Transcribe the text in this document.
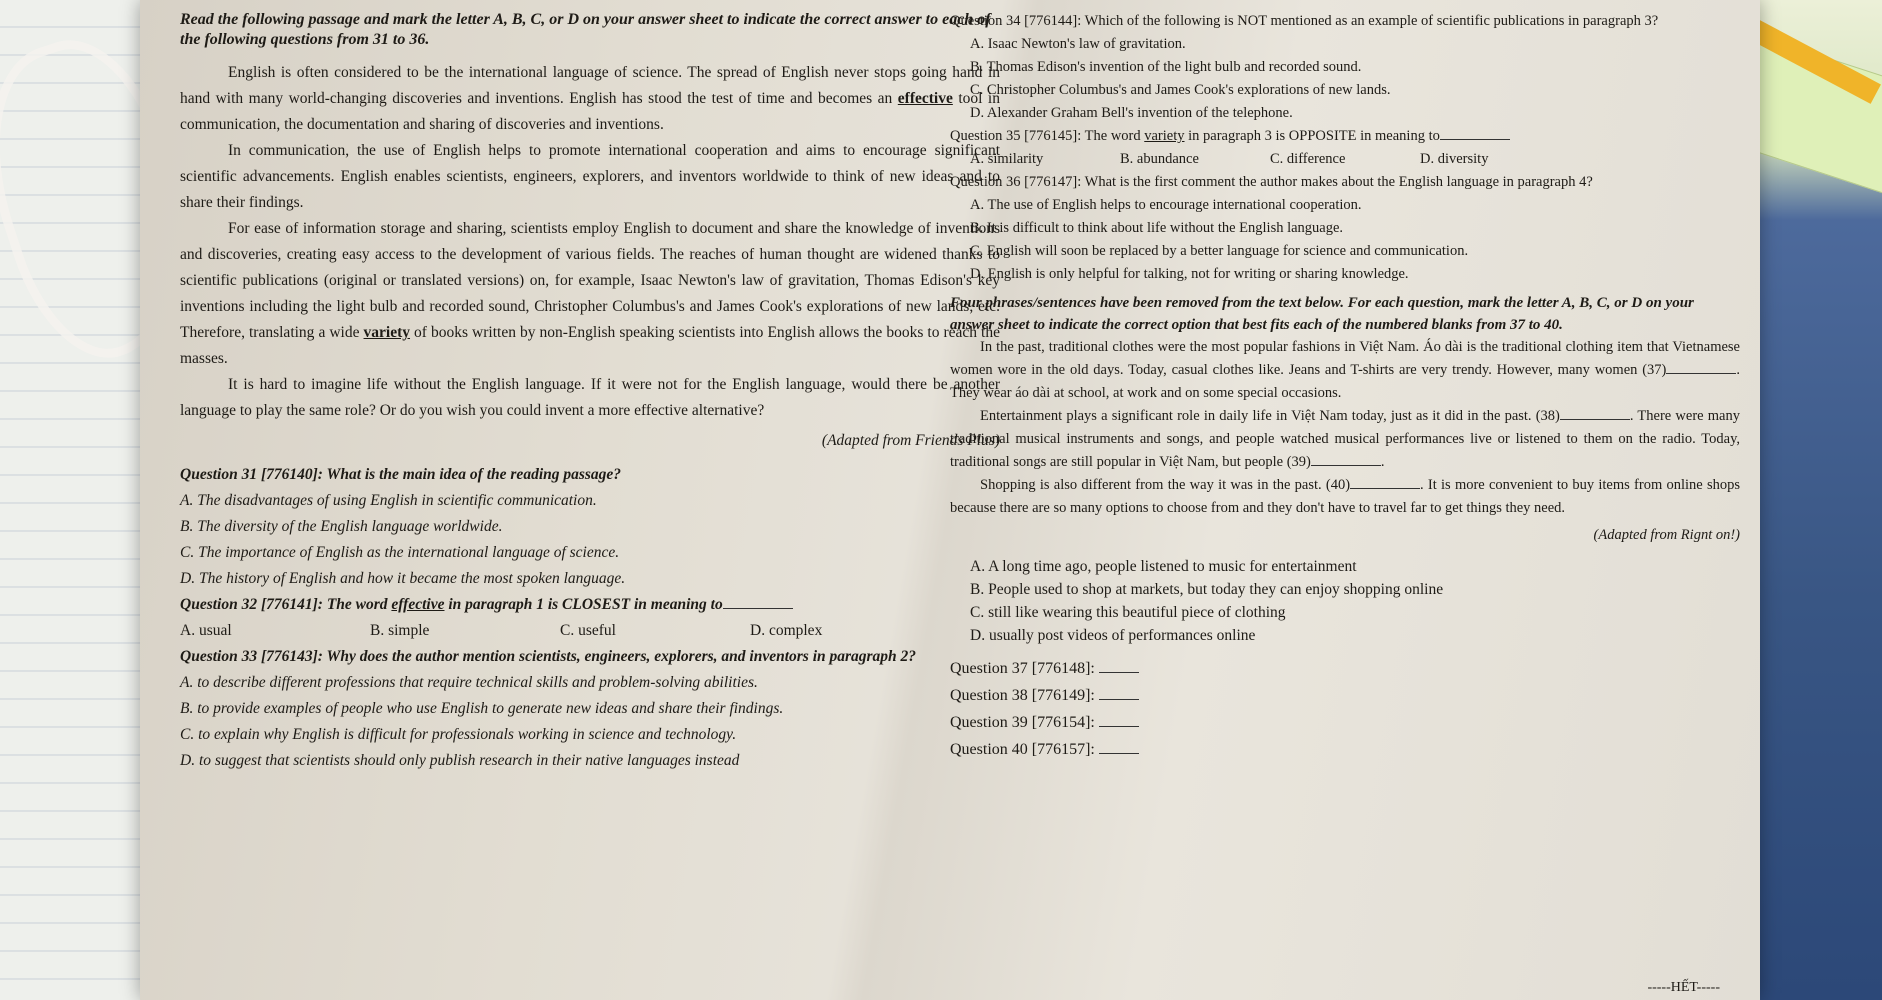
Read the following passage and mark the letter A, B, C, or D on your answer sheet to indicate the correct answer to each of the following questions from 31 to 36.

English is often considered to be the international language of science. The spread of English never stops going hand in hand with many world-changing discoveries and inventions. English has stood the test of time and becomes an effective tool in communication, the documentation and sharing of discoveries and inventions.

In communication, the use of English helps to promote international cooperation and aims to encourage significant scientific advancements. English enables scientists, engineers, explorers, and inventors worldwide to think of new ideas and to share their findings.

For ease of information storage and sharing, scientists employ English to document and share the knowledge of inventions and discoveries, creating easy access to the development of various fields. The reaches of human thought are widened thanks to scientific publications (original or translated versions) on, for example, Isaac Newton's law of gravitation, Thomas Edison's key inventions including the light bulb and recorded sound, Christopher Columbus's and James Cook's explorations of new lands, etc. Therefore, translating a wide variety of books written by non-English speaking scientists into English allows the books to reach the masses.

It is hard to imagine life without the English language. If it were not for the English language, would there be another language to play the same role? Or do you wish you could invent a more effective alternative?

(Adapted from Friends Plus)

Question 31 [776140]: What is the main idea of the reading passage?

A. The disadvantages of using English in scientific communication.

B. The diversity of the English language worldwide.

C. The importance of English as the international language of science.

D. The history of English and how it became the most spoken language.

Question 32 [776141]: The word effective in paragraph 1 is CLOSEST in meaning to

A. usual	B. simple	C. useful	D. complex

Question 33 [776143]: Why does the author mention scientists, engineers, explorers, and inventors in paragraph 2?

A. to describe different professions that require technical skills and problem-solving abilities.

B. to provide examples of people who use English to generate new ideas and share their findings.

C. to explain why English is difficult for professionals working in science and technology.

D. to suggest that scientists should only publish research in their native languages instead

Question 34 [776144]: Which of the following is NOT mentioned as an example of scientific publications in paragraph 3?

A. Isaac Newton's law of gravitation.

B. Thomas Edison's invention of the light bulb and recorded sound.

C. Christopher Columbus's and James Cook's explorations of new lands.

D. Alexander Graham Bell's invention of the telephone.

Question 35 [776145]: The word variety in paragraph 3 is OPPOSITE in meaning to

A. similarity	B. abundance	C. difference	D. diversity

Question 36 [776147]: What is the first comment the author makes about the English language in paragraph 4?

A. The use of English helps to encourage international cooperation.

B. It is difficult to think about life without the English language.

C. English will soon be replaced by a better language for science and communication.

D. English is only helpful for talking, not for writing or sharing knowledge.

Four phrases/sentences have been removed from the text below. For each question, mark the letter A, B, C, or D on your answer sheet to indicate the correct option that best fits each of the numbered blanks from 37 to 40.

In the past, traditional clothes were the most popular fashions in Việt Nam. Áo dài is the traditional clothing item that Vietnamese women wore in the old days. Today, casual clothes like. Jeans and T-shirts are very trendy. However, many women (37)	. They wear áo dài at school, at work and on some special occasions.

Entertainment plays a significant role in daily life in Việt Nam today, just as it did in the past. (38)	. There were many traditional musical instruments and songs, and people watched musical performances live or listened to them on the radio. Today, traditional songs are still popular in Việt Nam, but people (39)	.

Shopping is also different from the way it was in the past. (40)	. It is more convenient to buy items from online shops because there are so many options to choose from and they don't have to travel far to get things they need.

(Adapted from Rignt on!)

A. A long time ago, people listened to music for entertainment

B. People used to shop at markets, but today they can enjoy shopping online

C. still like wearing this beautiful piece of clothing

D. usually post videos of performances online

Question 37 [776148]:

Question 38 [776149]:

Question 39 [776154]:

Question 40 [776157]:

-----HẾT-----
